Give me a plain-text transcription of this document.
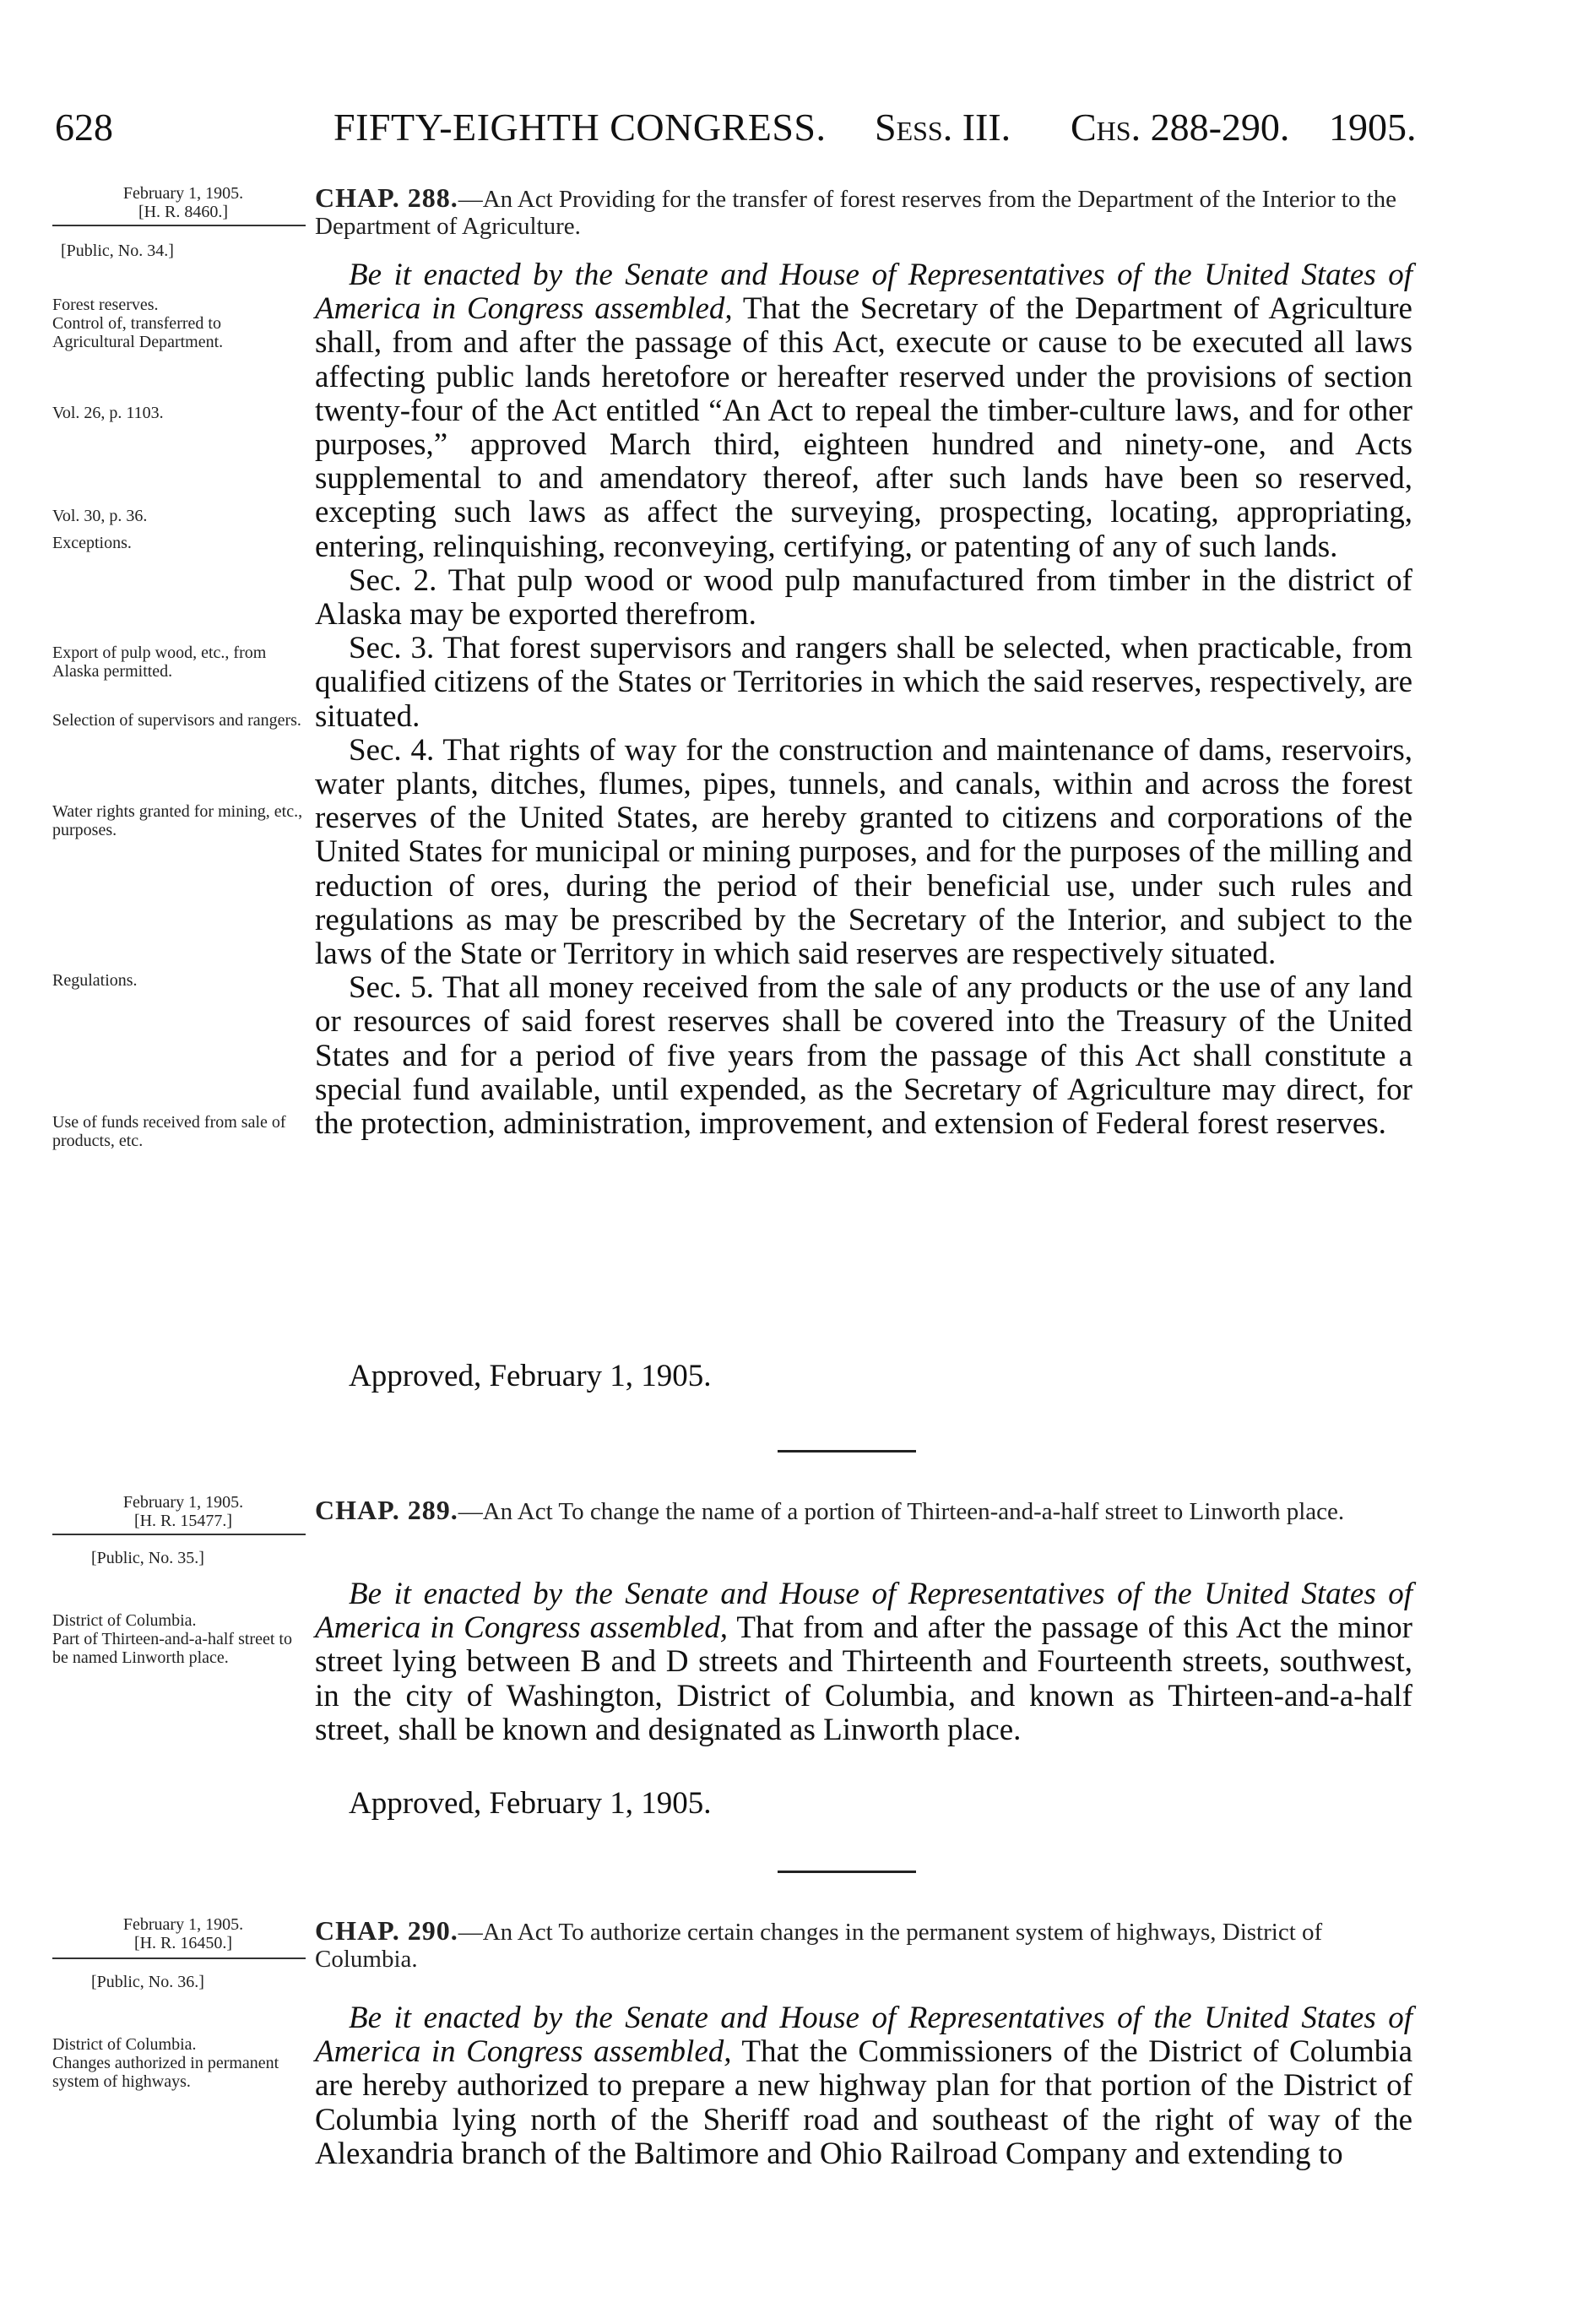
628	FIFTY-EIGHTH CONGRESS. Sess. III. Chs. 288-290. 1905.
February 1, 1905.
[H. R. 8460.]
[Public, No. 34.]
CHAP. 288.—An Act Providing for the transfer of forest reserves from the Department of the Interior to the Department of Agriculture.
Forest reserves.
Control of, transferred to Agricultural Department.
Vol. 26, p. 1103.
Vol. 30, p. 36.
Exceptions.
Export of pulp wood, etc., from Alaska permitted.
Selection of supervisors and rangers.
Water rights granted for mining, etc., purposes.
Regulations.
Use of funds received from sale of products, etc.

Be it enacted by the Senate and House of Representatives of the United States of America in Congress assembled, That the Secretary of the Department of Agriculture shall, from and after the passage of this Act, execute or cause to be executed all laws affecting public lands heretofore or hereafter reserved under the provisions of section twenty-four of the Act entitled “An Act to repeal the timber-culture laws, and for other purposes,” approved March third, eighteen hundred and ninety-one, and Acts supplemental to and amendatory thereof, after such lands have been so reserved, excepting such laws as affect the surveying, prospecting, locating, appropriating, entering, relinquishing, reconveying, certifying, or patenting of any of such lands.

Sec. 2. That pulp wood or wood pulp manufactured from timber in the district of Alaska may be exported therefrom.

Sec. 3. That forest supervisors and rangers shall be selected, when practicable, from qualified citizens of the States or Territories in which the said reserves, respectively, are situated.

Sec. 4. That rights of way for the construction and maintenance of dams, reservoirs, water plants, ditches, flumes, pipes, tunnels, and canals, within and across the forest reserves of the United States, are hereby granted to citizens and corporations of the United States for municipal or mining purposes, and for the purposes of the milling and reduction of ores, during the period of their beneficial use, under such rules and regulations as may be prescribed by the Secretary of the Interior, and subject to the laws of the State or Territory in which said reserves are respectively situated.

Sec. 5. That all money received from the sale of any products or the use of any land or resources of said forest reserves shall be covered into the Treasury of the United States and for a period of five years from the passage of this Act shall constitute a special fund available, until expended, as the Secretary of Agriculture may direct, for the protection, administration, improvement, and extension of Federal forest reserves.

Approved, February 1, 1905.
February 1, 1905.
[H. R. 15477.]
[Public, No. 35.]
CHAP. 289.—An Act To change the name of a portion of Thirteen-and-a-half street to Linworth place.
District of Columbia.
Part of Thirteen-and-a-half street to be named Linworth place.

Be it enacted by the Senate and House of Representatives of the United States of America in Congress assembled, That from and after the passage of this Act the minor street lying between B and D streets and Thirteenth and Fourteenth streets, southwest, in the city of Washington, District of Columbia, and known as Thirteen-and-a-half street, shall be known and designated as Linworth place.

Approved, February 1, 1905.
February 1, 1905.
[H. R. 16450.]
[Public, No. 36.]
CHAP. 290.—An Act To authorize certain changes in the permanent system of highways, District of Columbia.
District of Columbia.
Changes authorized in permanent system of highways.

Be it enacted by the Senate and House of Representatives of the United States of America in Congress assembled, That the Commissioners of the District of Columbia are hereby authorized to prepare a new highway plan for that portion of the District of Columbia lying north of the Sheriff road and southeast of the right of way of the Alexandria branch of the Baltimore and Ohio Railroad Company and extending to
